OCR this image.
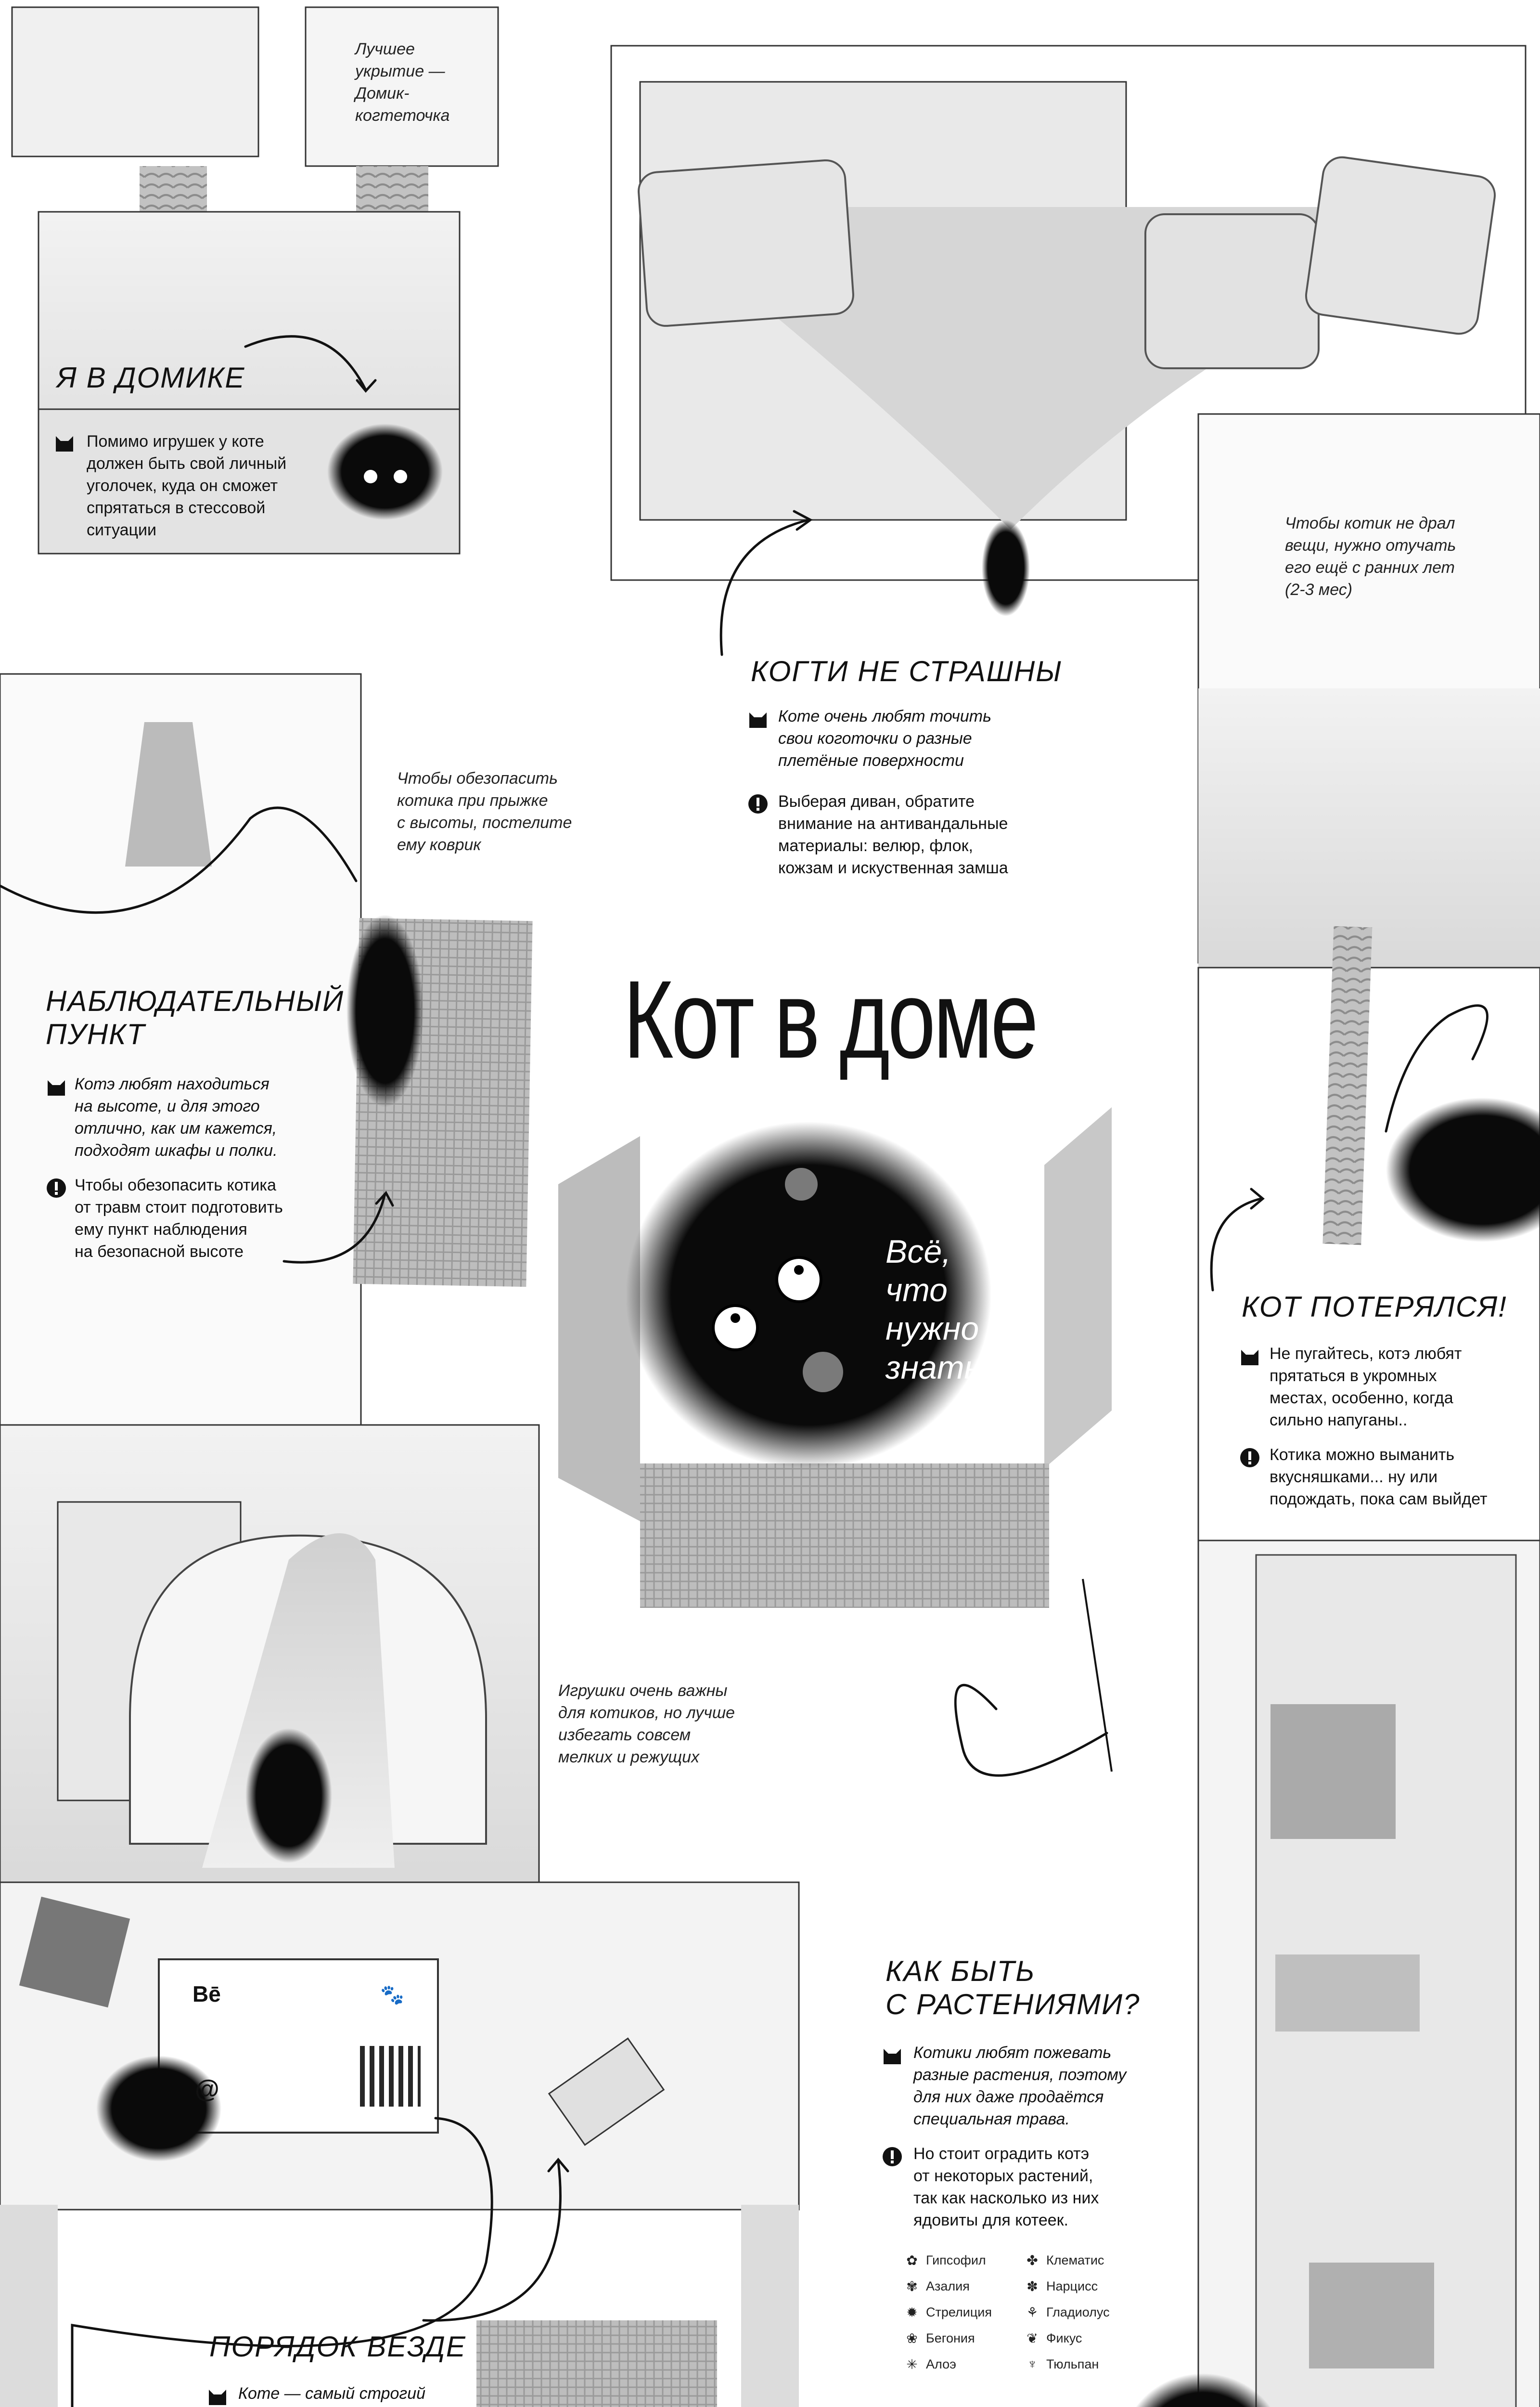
Кот в доме
Всё,
что
нужно
знать
Лучшее
укрытие —
Домик-
когтеточка
Чтобы котик не драл
вещи, нужно отучать
его ещё с ранних лет
(2-3 мес)
Чтобы обезопасить
котика при прыжке
с высоты, постелите
ему коврик
Игрушки очень важны
для котиков, но лучше
избегать совсем
мелких и режущих
Я В ДОМИКЕ
Помимо игрушек у коте
должен быть свой личный
уголочек, куда он сможет
спрятаться в стессовой
ситуации
КОГТИ НЕ СТРАШНЫ
Коте очень любят точить
свои коготочки о разные
плетёные поверхности
Выберая диван, обратите
внимание на антивандальные
материалы: велюр, флок,
кожзам и искуственная замша
НАБЛЮДАТЕЛЬНЫЙ
ПУНКТ
Котэ любят находиться
на высоте, и для этого
отлично, как им кажется,
подходят шкафы и полки.
Чтобы обезопасить котика
от травм стоит подготовить
ему пункт наблюдения
на безопасной высоте
КОТ ПОТЕРЯЛСЯ!
Не пугайтесь, котэ любят
прятаться в укромных
местах, особенно, когда
сильно напуганы..
Котика можно выманить
вкусняшками... ну или
подождать, пока сам выйдет
КАК БЫТЬ
С РАСТЕНИЯМИ?
Котики любят пожевать
разные растения, поэтому
для них даже продаётся
специальная трава.
Но стоит оградить котэ
от некоторых растений,
так как насколько из них
ядовиты для котеек.
✿ Гипсофил
✾ Азалия
✹ Стрелиция
❀ Бегония
✳ Алоэ
✤ Клематис
✽ Нарцисс
⚘ Гладиолус
❦ Фикус
♆ Тюльпан
ПОРЯДОК ВЕЗДЕ
Коте — самый строгий

Bē
@
🐾
